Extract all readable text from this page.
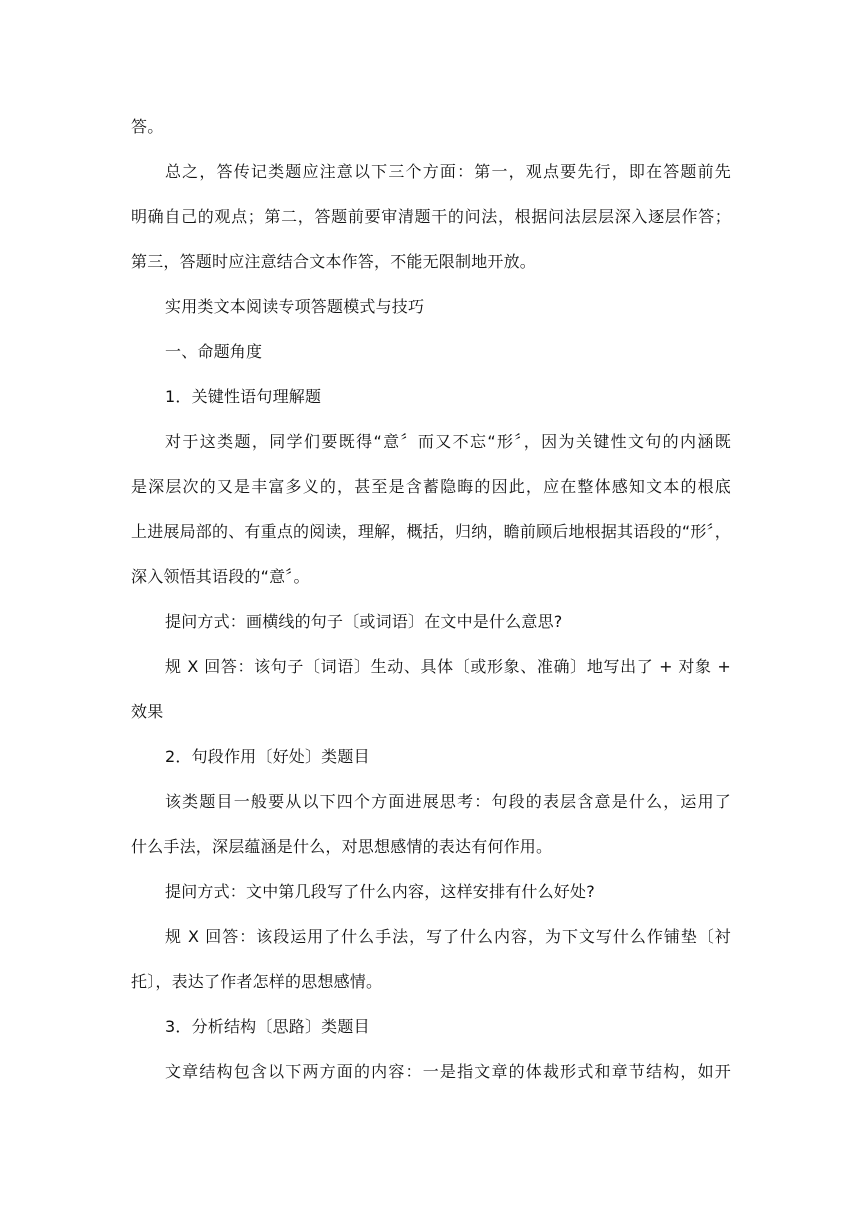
答。
总之，答传记类题应注意以下三个方面：第一，观点要先行，即在答题前先
明确自己的观点；第二，答题前要审清题干的问法，根据问法层层深入逐层作答；
第三，答题时应注意结合文本作答，不能无限制地开放。
实用类文本阅读专项答题模式与技巧
一、命题角度
1．关键性语句理解题
对于这类题，同学们要既得“意〞而又不忘“形〞，因为关键性文句的内涵既
是深层次的又是丰富多义的，甚至是含蓄隐晦的因此，应在整体感知文本的根底
上进展局部的、有重点的阅读，理解，概括，归纳，瞻前顾后地根据其语段的“形〞，
深入领悟其语段的“意〞。
提问方式：画横线的句子〔或词语〕在文中是什么意思?
规 X 回答：该句子〔词语〕生动、具体〔或形象、准确〕地写出了 + 对象 +
效果
2．句段作用〔好处〕类题目
该类题目一般要从以下四个方面进展思考：句段的表层含意是什么，运用了
什么手法，深层蕴涵是什么，对思想感情的表达有何作用。
提问方式：文中第几段写了什么内容，这样安排有什么好处?
规 X 回答：该段运用了什么手法，写了什么内容，为下文写什么作铺垫〔衬
托〕，表达了作者怎样的思想感情。
3．分析结构〔思路〕类题目
文章结构包含以下两方面的内容：一是指文章的体裁形式和章节结构，如开
